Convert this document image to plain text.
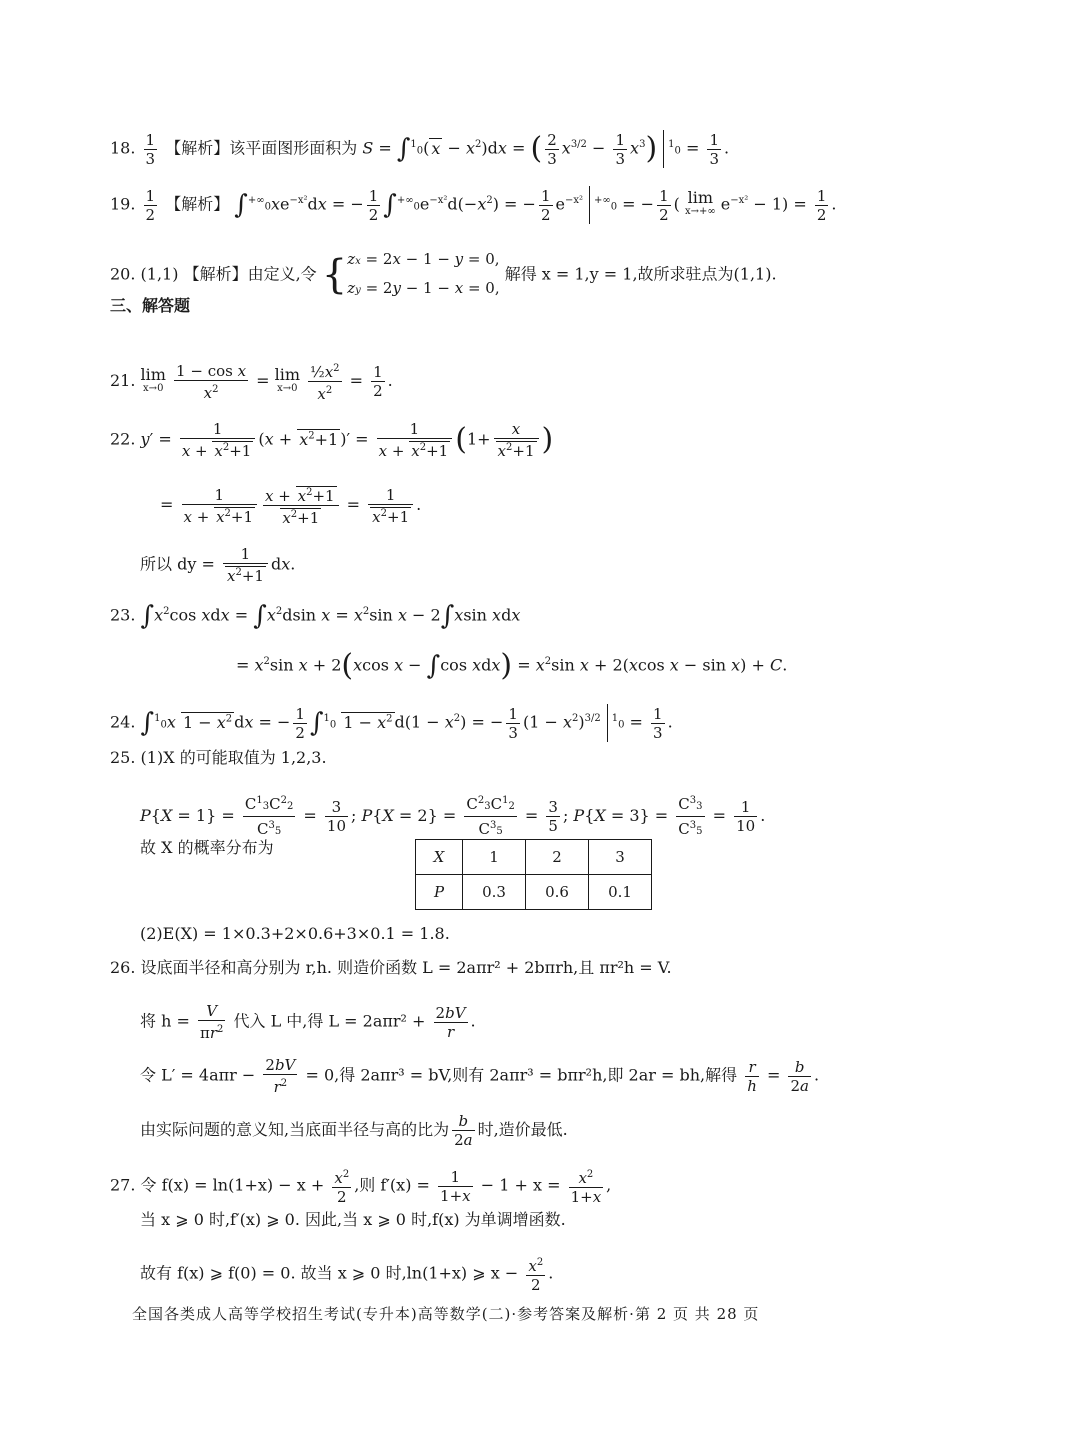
18. $\frac{1}{3}$ 【解析】该平面图形面积为 S = ∫$^1$0( $x - x^2)dx$ = ( $\frac{2}{3} x^{3/2} - \frac{1}{3} x^3$) $^10 = \frac{1}{3}$ .
19. $\frac{1}{2}$ 【解析】 $\int^{+\infty}0xe^{-x^2}dx$ = − $\frac{1}{2} \int^{+\infty}0e^{-x^2}d(-x^2)$ = − $\frac{1}{2} e^{-x^2}$ +∞0 = − $\frac{1}{2}$ ( lim
x→+∞ $e^{-x^2} - 1) = \frac{1}{2}$ .
20. (1,1) 【解析】由定义,令 { zx = 2x − 1 − y = 0,
zy = 2y − 1 − x = 0,
解得 x = 1,y = 1,故所求驻点为(1,1).
三、解答题
21. lim
x→0
$\frac{\text{1 − cos x}}{x^2} = \lim$
x→0
$\frac{\frac{1}{2}x^2}{x^2} = \frac{1}{2}$ .
22. $y' = \frac{1}{x + x^2+1} (x + x^2+1$ )′ = $\frac{1}{x + x^2+1} (1+ \frac{x}{x^2+1}$ )
= $\frac{1}{x + x^2+1} \frac{x + x^2+1}{x^2+1} = \frac{1}{x^2+1}$ .
所以 dy = $\frac{1}{x^2+1}$ dx.
23. $\int x^2\cos$ xdx = $\int x^2dsin$ $x = x^2\sin$ x − 2∫xsin xdx
= $x^2\sin$ x + 2(xcos x − ∫cos $xdx) = x^2\sin$ x + 2(xcos x − sin x) + C.
24. ∫$^1$0x $1 - x^2$ dx = − $\frac{1}{2} \int^10$ $1 - x^2$ $d(1 - x^2)$ = − $\frac{1}{3} (1 - x^2)^{3/2}$ $^10 = \frac{1}{3}$ .
25. (1)X 的可能取值为 1,2,3.
$P\{X = 1\} = \frac{C^13C^22}{C^35} = \frac{3}{10}$ ; $P\{X = 2\} = \frac{C^23C^12}{C^35} = \frac{3}{5}$ ; $P\{X = 3\} = \frac{C^33}{C^35} = \frac{1}{10}$ .
故 X 的概率分布为	X	1	2	3
P	0.3	0.6	0.1
(2)E(X) = 1×0.3+2×0.6+3×0.1 = 1.8.
26. 设底面半径和高分别为 r,h. 则造价函数 L = 2aπr² + 2bπrh,且 πr²h = V.
将 $h = \frac{V}{\pi r^2}$ 代入 L 中,得 $L = 2a\pi r^2 + \frac{2bV}{r}$ .
令 $L' = 4a\pi r - \frac{2bV}{r^2} = 0$,得 2aπr³ = bV,则有 2aπr³ = bπr²h,即 2ar = bh,解得 $\frac{r}{h} = \frac{b}{2a}$ .
由实际问题的意义知,当底面半径与高的比为 $\frac{b}{2a}$ 时,造价最低.
27. 令 $f(x) = \ln(1+x) - x + \frac{x^2}{2}$ ,则 $f'(x) = \frac{1}{1+x} - 1 + x = \frac{x^2}{1+x}$ ,
当 x ⩾ 0 时,f′(x) ⩾ 0. 因此,当 x ⩾ 0 时,f(x) 为单调增函数.
故有 f(x) ⩾ f(0) = 0. 故当 x ⩾ 0 时,ln(1+x) ⩾ $x - \frac{x^2}{2}$ .
全国各类成人高等学校招生考试(专升本)高等数学(二)·参考答案及解析·第 2 页 共 28 页
